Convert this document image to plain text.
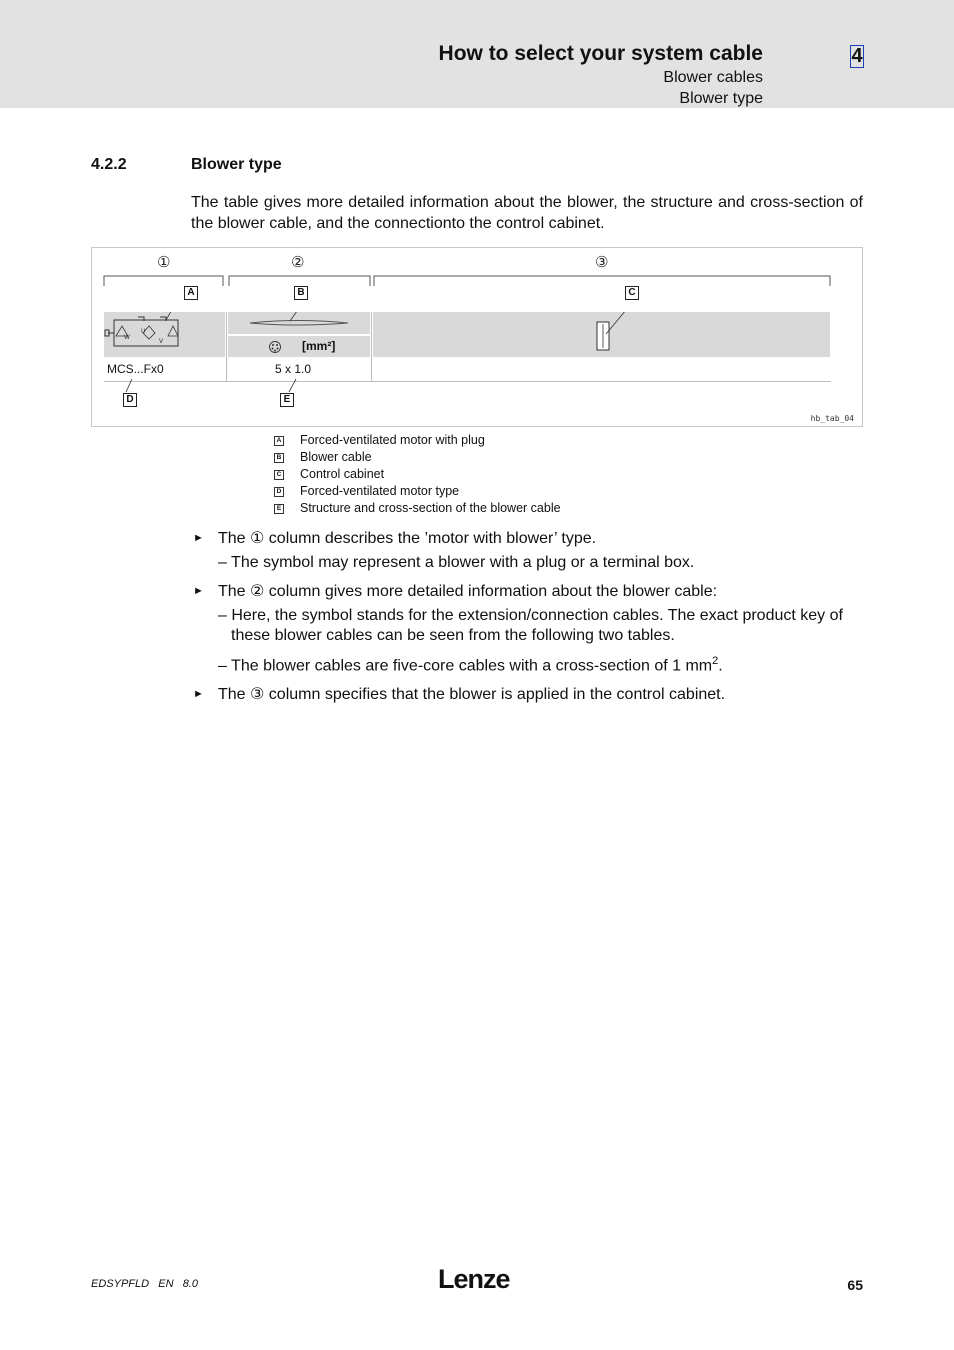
How to select your system cable
Blower cables
Blower type
4
4.2.2	Blower type
The table gives more detailed information about the blower, the structure and cross-section of the blower cable, and the connectionto the control cabinet.
①	②	③
A	B	C
W
U
V	[mm²]
MCS...Fx0	5 x 1.0
D	E
hb_tab_04
A Forced-ventilated motor with plug
B Blower cable
C Control cabinet
D Forced-ventilated motor type
E Structure and cross-section of the blower cable
► The ① column describes the ’motor with blower’ type.
– The symbol may represent a blower with a plug or a terminal box.
► The ② column gives more detailed information about the blower cable:
– Here, the symbol stands for the extension/connection cables. The exact product key of these blower cables can be seen from the following two tables.
– The blower cables are five-core cables with a cross-section of 1 $mm^2$.
► The ③ column specifies that the blower is applied in the control cabinet.
EDSYPFLD   EN   8.0	Lenze	65
